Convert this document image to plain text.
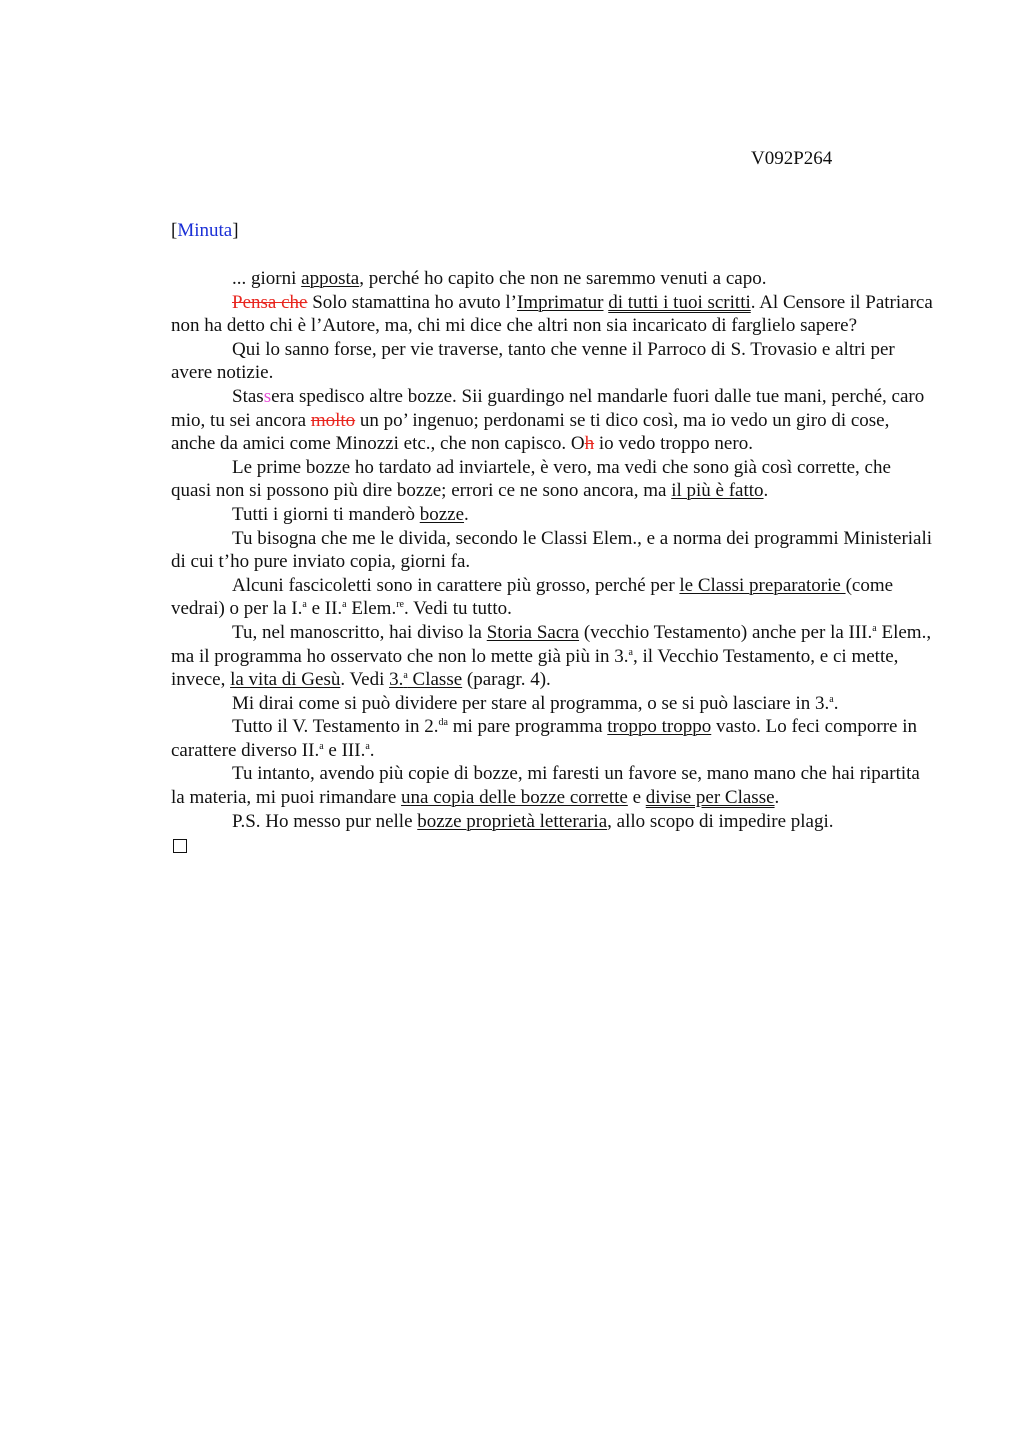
V092P264
[Minuta]

... giorni apposta, perché ho capito che non ne saremmo venuti a capo.

Pensa che Solo stamattina ho avuto l’Imprimatur di tutti i tuoi scritti. Al Censore il Patriarca non ha detto chi è l’Autore, ma, chi mi dice che altri non sia incaricato di farglielo sapere?

Qui lo sanno forse, per vie traverse, tanto che venne il Parroco di S. Trovasio e altri per avere notizie.

Stassera spedisco altre bozze. Sii guardingo nel mandarle fuori dalle tue mani, perché, caro mio, tu sei ancora molto un po’ ingenuo; perdonami se ti dico così, ma io vedo un giro di cose, anche da amici come Minozzi etc., che non capisco. Oh io vedo troppo nero.

Le prime bozze ho tardato ad inviartele, è vero, ma vedi che sono già così corrette, che quasi non si possono più dire bozze; errori ce ne sono ancora, ma il più è fatto.

Tutti i giorni ti manderò bozze.

Tu bisogna che me le divida, secondo le Classi Elem., e a norma dei programmi Ministeriali di cui t’ho pure inviato copia, giorni fa.

Alcuni fascicoletti sono in carattere più grosso, perché per le Classi preparatorie (come vedrai) o per la I.$^a$ e II.$^a$ Elem.$^{re}$. Vedi tu tutto.

Tu, nel manoscritto, hai diviso la Storia Sacra (vecchio Testamento) anche per la III.$^a$ Elem., ma il programma ho osservato che non lo mette già più in 3.$^a$, il Vecchio Testamento, e ci mette, invece, la vita di Gesù. Vedi 3.$^a$ Classe (paragr. 4).

Mi dirai come si può dividere per stare al programma, o se si può lasciare in 3.$^a$.

Tutto il V. Testamento in 2.$^{da}$ mi pare programma troppo troppo vasto. Lo feci comporre in carattere diverso II.$^a$ e III.$^a$.

Tu intanto, avendo più copie di bozze, mi faresti un favore se, mano mano che hai ripartita la materia, mi puoi rimandare una copia delle bozze corrette e divise per Classe.

P.S. Ho messo pur nelle bozze proprietà letteraria, allo scopo di impedire plagi.
